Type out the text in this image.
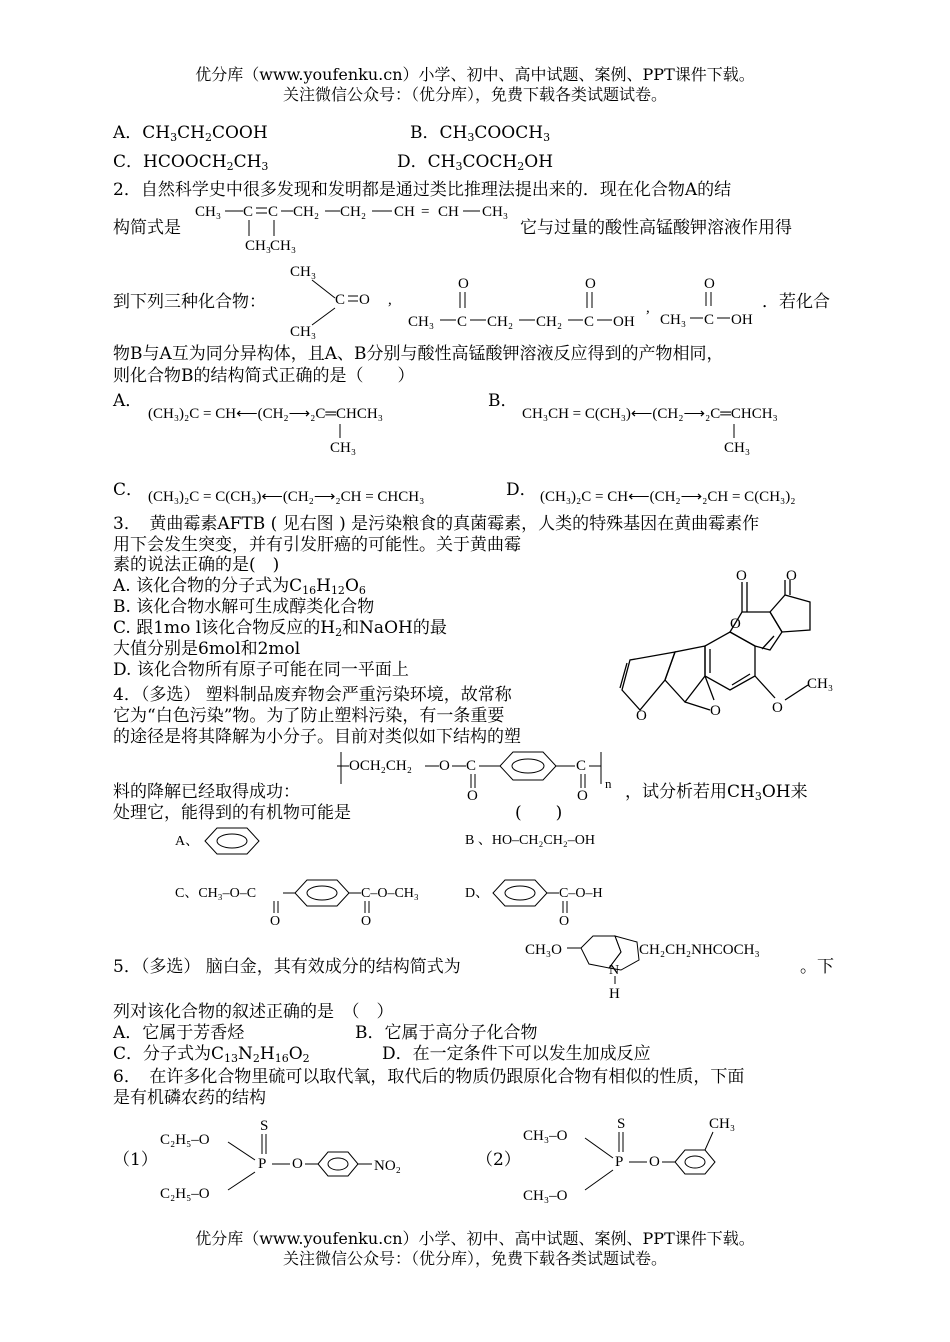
优分库（www.youfenku.cn）小学、初中、高中试题、案例、PPT课件下载。
关注微信公众号：（优分库），免费下载各类试题试卷。
A．$CH_3CH_2COOH$	B．$CH_3COOCH_3$
C．$HCOOCH_2CH_3$	D．$CH_3COCH_2OH$
2．自然科学史中很多发现和发明都是通过类比推理法提出来的．现在化合物A的结
构简式是	它与过量的酸性高锰酸钾溶液作用得
CH₃ C C CH₂ CH₂ CH = CH CH₃
CH₃
CH₃
到下列三种化合物：
CH₃
C O
CH₃
,
O
CH₃ C CH₂ CH₂ C OH
O
,
O
CH₃ C OH
．若化合
物B与A互为同分异构体，且A、B分别与酸性高锰酸钾溶液反应得到的产物相同，
则化合物B的结构简式正确的是（　　）
A．
(CH₃)₂C = CH⟵(CH₂⟶₂C═CHCH₃
CH₃
B．
CH₃CH = C(CH₃)⟵(CH₂⟶₂C═CHCH₃
CH₃
C． (CH₃)₂C = C(CH₃)⟵(CH₂⟶₂CH = CHCH₃	D． (CH₃)₂C = CH⟵(CH₂⟶₂CH = C(CH₃)₂
3．　黄曲霉素AFTB ( 见右图 ) 是污染粮食的真菌霉素，人类的特殊基因在黄曲霉素作
用下会发生突变，并有引发肝癌的可能性。关于黄曲霉
素的说法正确的是(　)
A. 该化合物的分子式为$C_{16}H_{12}O_6$
B. 该化合物水解可生成醇类化合物
C. 跟1mo l该化合物反应的$H_2$和NaOH的最
大值分别是6mol和2mol
D. 该化合物所有原子可能在同一平面上
O	O
O
O
CH₃
O
O
4．（多选） 塑料制品废弃物会严重污染环境，故常称
它为“白色污染”物。为了防止塑料污染，有一条重要
的途径是将其降解为小分子。目前对类似如下结构的塑
OCH₂CH₂ O C
O
C
O
n
料的降解已经取得成功：	，试分析若用$CH_3OH$来
处理它，能得到的有机物可能是	(　　)
A、	B 、HO–CH₂CH₂–OH
C、CH₃–O–C
O
C–O–CH₃
O
D、	C–O–H
O
5．（多选） 脑白金，其有效成分的结构简式为
CH₃O
N
H
CH₂CH₂NHCOCH₃
。下
列对该化合物的叙述正确的是　（　）
A．它属于芳香烃	B．它属于高分子化合物
C．分子式为$C_{13}N_2H_{16}O_2$	D．在一定条件下可以发生加成反应
6．　在许多化合物里硫可以取代氧，取代后的物质仍跟原化合物有相似的性质，下面
是有机磷农药的结构
（1）
C₂H₅–O
S
P O	NO₂
C₂H₅–O
（2）
CH₃–O
S
P O
CH₃
CH₃–O
优分库（www.youfenku.cn）小学、初中、高中试题、案例、PPT课件下载。
关注微信公众号：（优分库），免费下载各类试题试卷。
